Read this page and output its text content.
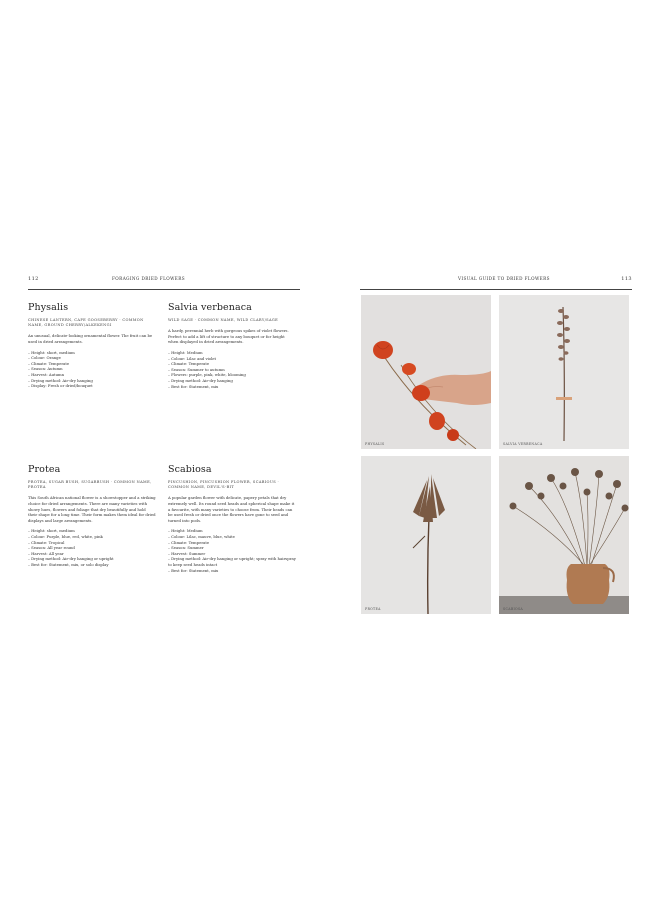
112	FORAGING DRIED FLOWERS
Physalis
CHINESE LANTERN, CAPE GOOSEBERRY · COMMON NAME, GROUND CHERRY/ALKEKENGI
An unusual, delicate-looking ornamental flower. The fruit can be used in dried arrangements.
– Height: short, medium
– Colour: Orange
– Climate: Temperate
– Season: Autumn
– Harvest: Autumn
– Drying method: Air-dry hanging
– Display: Fresh or dried/bouquet
Salvia verbenaca
WILD SAGE · COMMON NAME, WILD CLARY/SAGE
A hardy, perennial herb with gorgeous spikes of violet flowers. Perfect to add a lift of structure to any bouquet or for height when displayed in dried arrangements.
– Height: Medium
– Colour: Lilac and violet
– Climate: Temperate
– Season: Summer to autumn
– Flowers: purple, pink, white, blooming
– Drying method: Air-dry hanging
– Best for: Statement, mix
Protea
PROTEA, SUGAR BUSH, SUGARBUSH · COMMON NAME, PROTEA
This South African national flower is a showstopper and a striking choice for dried arrangements. There are many varieties with showy hues, flowers and foliage that dry beautifully and hold their shape for a long time. Their form makes them ideal for dried displays and large arrangements.
– Height: short, medium
– Colour: Purple, blue, red, white, pink
– Climate: Tropical
– Season: All year round
– Harvest: All year
– Drying method: Air-dry hanging or upright
– Best for: Statement, mix, or solo display
Scabiosa
PINCUSHION, PINCUSHION FLOWER, SCABIOUS · COMMON NAME, DEVIL'S-BIT
A popular garden flower with delicate, papery petals that dry extremely well. Its round seed heads and spherical shape make it a favourite, with many varieties to choose from. Their heads can be used fresh or dried once the flowers have gone to seed and turned into pods.
– Height: Medium
– Colour: Lilac, mauve, blue, white
– Climate: Temperate
– Season: Summer
– Harvest: Summer
– Drying method: Air-dry hanging or upright; spray with hairspray to keep seed heads intact
– Best for: Statement, mix
VISUAL GUIDE TO DRIED FLOWERS	113
PHYSALIS	SALVIA VERBENACA
PROTEA	SCABIOSA
